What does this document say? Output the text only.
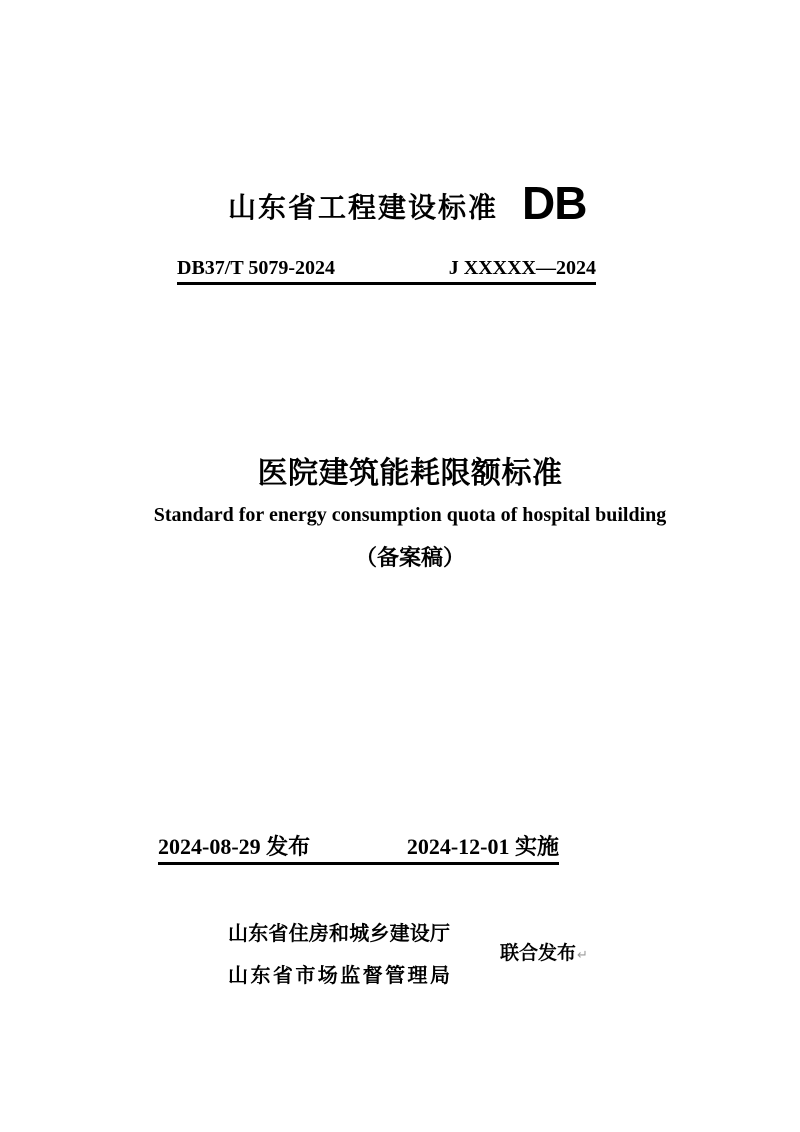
山东省工程建设标准 DB
DB37/T 5079-2024	J XXXXX—2024
医院建筑能耗限额标准
Standard for energy consumption quota of hospital building
（备案稿）
2024-08-29 发布	2024-12-01 实施
山东省住房和城乡建设厅
联合发布↵
山东省市场监督管理局
